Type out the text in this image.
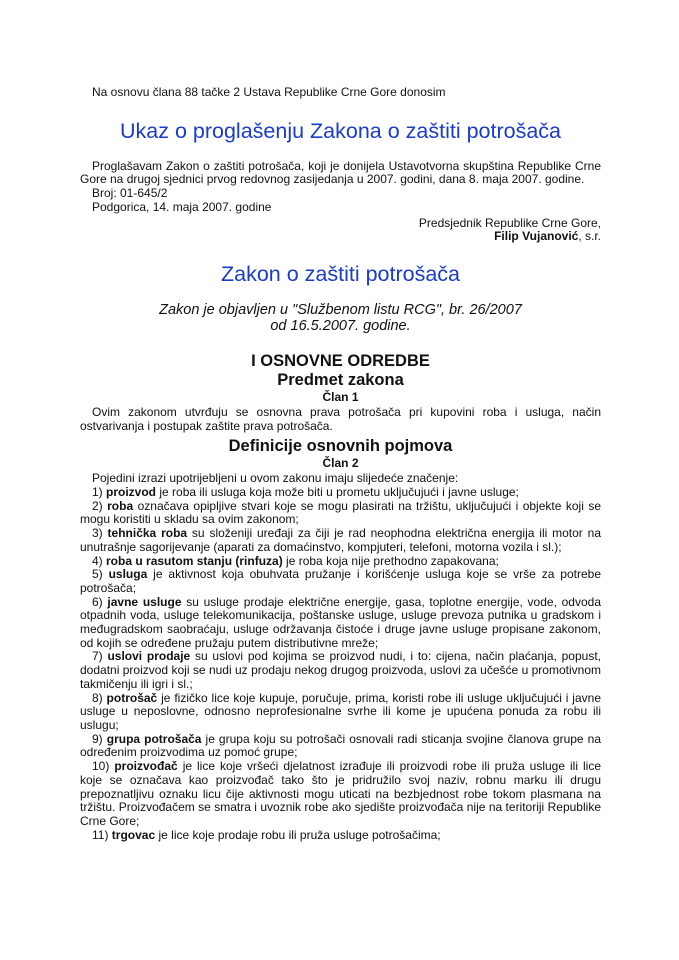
Na osnovu člana 88 tačke 2 Ustava Republike Crne Gore donosim

Ukaz o proglašenju Zakona o zaštiti potrošača

Proglašavam Zakon o zaštiti potrošača, koji je donijela Ustavotvorna skupština Republike Crne Gore na drugoj sjednici prvog redovnog zasijedanja u 2007. godini, dana 8. maja 2007. godine.

Broj: 01-645/2

Podgorica, 14. maja 2007. godine

Predsjednik Republike Crne Gore,

Filip Vujanović, s.r.

Zakon o zaštiti potrošača

Zakon je objavljen u "Službenom listu RCG", br. 26/2007

od 16.5.2007. godine.

I OSNOVNE ODREDBE
Predmet zakona
Član 1

Ovim zakonom utvrđuju se osnovna prava potrošača pri kupovini roba i usluga, način ostvarivanja i postupak zaštite prava potrošača.

Definicije osnovnih pojmova
Član 2

Pojedini izrazi upotrijebljeni u ovom zakonu imaju slijedeće značenje:

1) proizvod je roba ili usluga koja može biti u prometu uključujući i javne usluge;

2) roba označava opipljive stvari koje se mogu plasirati na tržištu, uključujući i objekte koji se mogu koristiti u skladu sa ovim zakonom;

3) tehnička roba su složeniji uređaji za čiji je rad neophodna električna energija ili motor na unutrašnje sagorijevanje (aparati za domaćinstvo, kompjuteri, telefoni, motorna vozila i sl.);

4) roba u rasutom stanju (rinfuza) je roba koja nije prethodno zapakovana;

5) usluga je aktivnost koja obuhvata pružanje i korišćenje usluga koje se vrše za potrebe potrošača;

6) javne usluge su usluge prodaje električne energije, gasa, toplotne energije, vode, odvoda otpadnih voda, usluge telekomunikacija, poštanske usluge, usluge prevoza putnika u gradskom i međugradskom saobraćaju, usluge održavanja čistoće i druge javne usluge propisane zakonom, od kojih se određene pružaju putem distributivne mreže;

7) uslovi prodaje su uslovi pod kojima se proizvod nudi, i to: cijena, način plaćanja, popust, dodatni proizvod koji se nudi uz prodaju nekog drugog proizvoda, uslovi za učešće u promotivnom takmičenju ili igri i sl.;

8) potrošač je fizičko lice koje kupuje, poručuje, prima, koristi robe ili usluge uključujući i javne usluge u neposlovne, odnosno neprofesionalne svrhe ili kome je upućena ponuda za robu ili uslugu;

9) grupa potrošača je grupa koju su potrošači osnovali radi sticanja svojine članova grupe na određenim proizvodima uz pomoć grupe;

10) proizvođač je lice koje vršeći djelatnost izrađuje ili proizvodi robe ili pruža usluge ili lice koje se označava kao proizvođač tako što je pridružilo svoj naziv, robnu marku ili drugu prepoznatljivu oznaku licu čije aktivnosti mogu uticati na bezbjednost robe tokom plasmana na tržištu. Proizvođačem se smatra i uvoznik robe ako sjedište proizvođača nije na teritoriji Republike Crne Gore;

11) trgovac je lice koje prodaje robu ili pruža usluge potrošačima;
